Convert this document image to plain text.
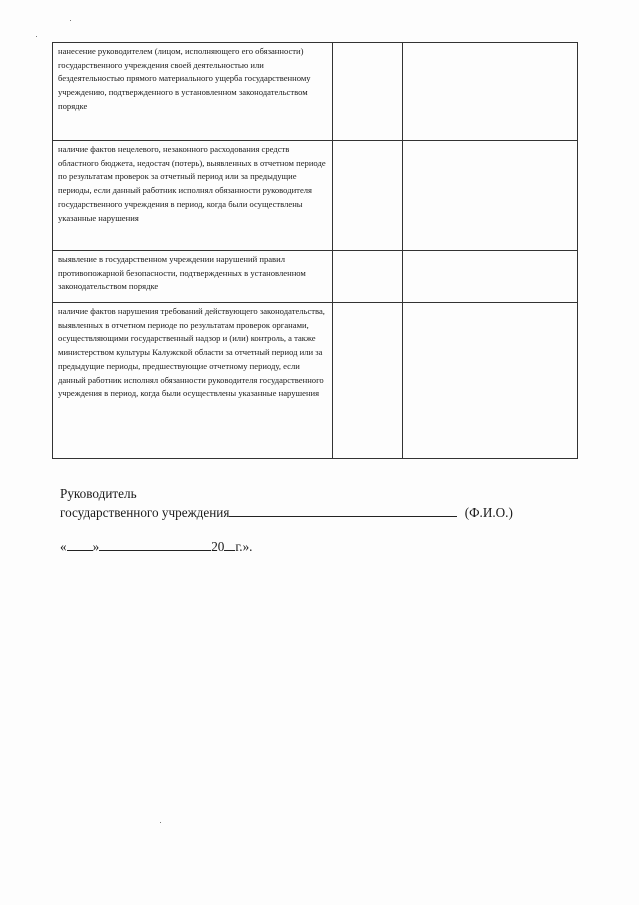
нанесение руководителем (лицом, исполняющего его обязанности) государственного учреждения своей деятельностью или бездеятельностью прямого материального ущерба государственному учреждению, подтвержденного в установленном законодательством порядке		
наличие фактов нецелевого, незаконного расходования средств областного бюджета, недостач (потерь), выявленных в отчетном периоде по результатам проверок за отчетный период или за предыдущие периоды, если данный работник исполнял обязанности руководителя государственного учреждения в период, когда были осуществлены указанные нарушения		
выявление в государственном учреждении нарушений правил противопожарной безопасности, подтвержденных в установленном законодательством порядке		
наличие фактов нарушения требований действующего законодательства, выявленных в отчетном периоде по результатам проверок органами, осуществляющими государственный надзор и (или) контроль, а также министерством культуры Калужской области за отчетный период или за предыдущие периоды, предшествующие отчетному периоду, если данный работник исполнял обязанности руководителя государственного учреждения в период, когда были осуществлены указанные нарушения		
Руководитель
государственного учреждения	(Ф.И.О.)
« »	20 г.».
